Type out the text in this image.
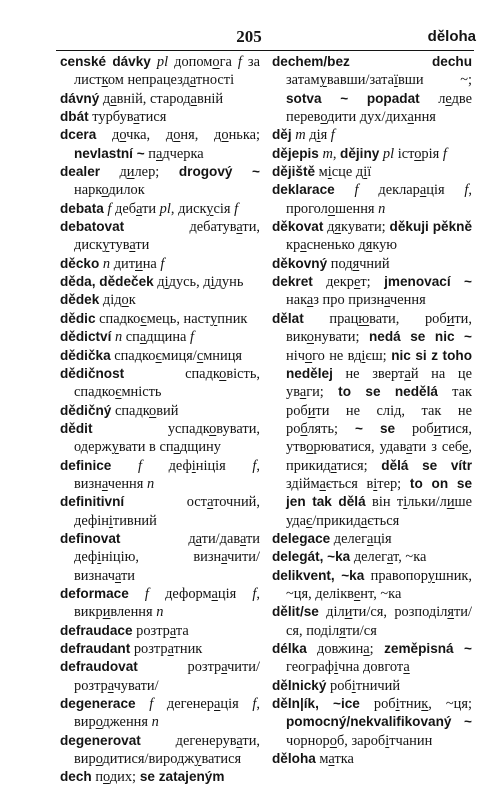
205	děloha
censké dávky pl допомoга f за листком непрацездатності
dávný давній, стародавній
dbát турбуватися
dcera дочка, доня, донька; nevlastní ~ падчерка
dealer дилер; drogový ~ наркодилок
debata f дебати pl, дискусія f
debatovat дебатувати, дискутувати
děcko n дитина f
děda, dědeček дідусь, дідунь
dědek дідок
dědic спадкоємець, наступник
dědictví n спадщина f
dědička спадкоємиця/смниця
dědičnost спадковість, спадкоємність
dědičný спадковий
dědit успадковувати, одержувати в спадщину
definice f дефініція f, визначення n
definitivní остаточний, дефінітивний
definovat дати/давати дефініцію, визначити/визначати
deformace f деформація f, викривлення n
defraudace розтрата
defraudant розтратник
defraudovat розтрачити/розтрачувати/
degenerace f дегенерація f, виродження n
degenerovat дегенерувати, виродитися/вироджуватися
dech подих; se zatajeným
dechem/bez dechu затамувавши/затаївши ~; sotva ~ popadat ледве переводити дух/дихання
děj m дія f
dějepis m, dějiny pl історія f
dějiště місце дії
deklarace f декларація f, проголошення n
děkovat дякувати; děkuji pěkně красненько дякую
děkovný подячний
dekret декрет; jmenovací ~ наказ про призначення
dělat працювати, робити, виконувати; nedá se nic ~ нічого не вдієш; nic si z toho nedělej не звертай на це уваги; to se nedělá так робити не слід, так не роблять; ~ se робитися, утворюватися, удавати з себе, прикидатися; dělá se vítr здіймається вітер; to on se jen tak dělá він тільки/лише удає/прикидається
delegace делегація
delegát, ~ka делегат, ~ка
delikvent, ~ka правопорушник, ~ця, деліквент, ~ка
dělit/se ділити/ся, розподіляти/ся, поділяти/ся
délka довжина; zeměpisná ~ географічна довгота
dělnický робітничий
děln|ík, ~ice робітник, ~ця; pomocný/nekvalifikovaný ~ чорнороб, заробітчанин
děloha матка
